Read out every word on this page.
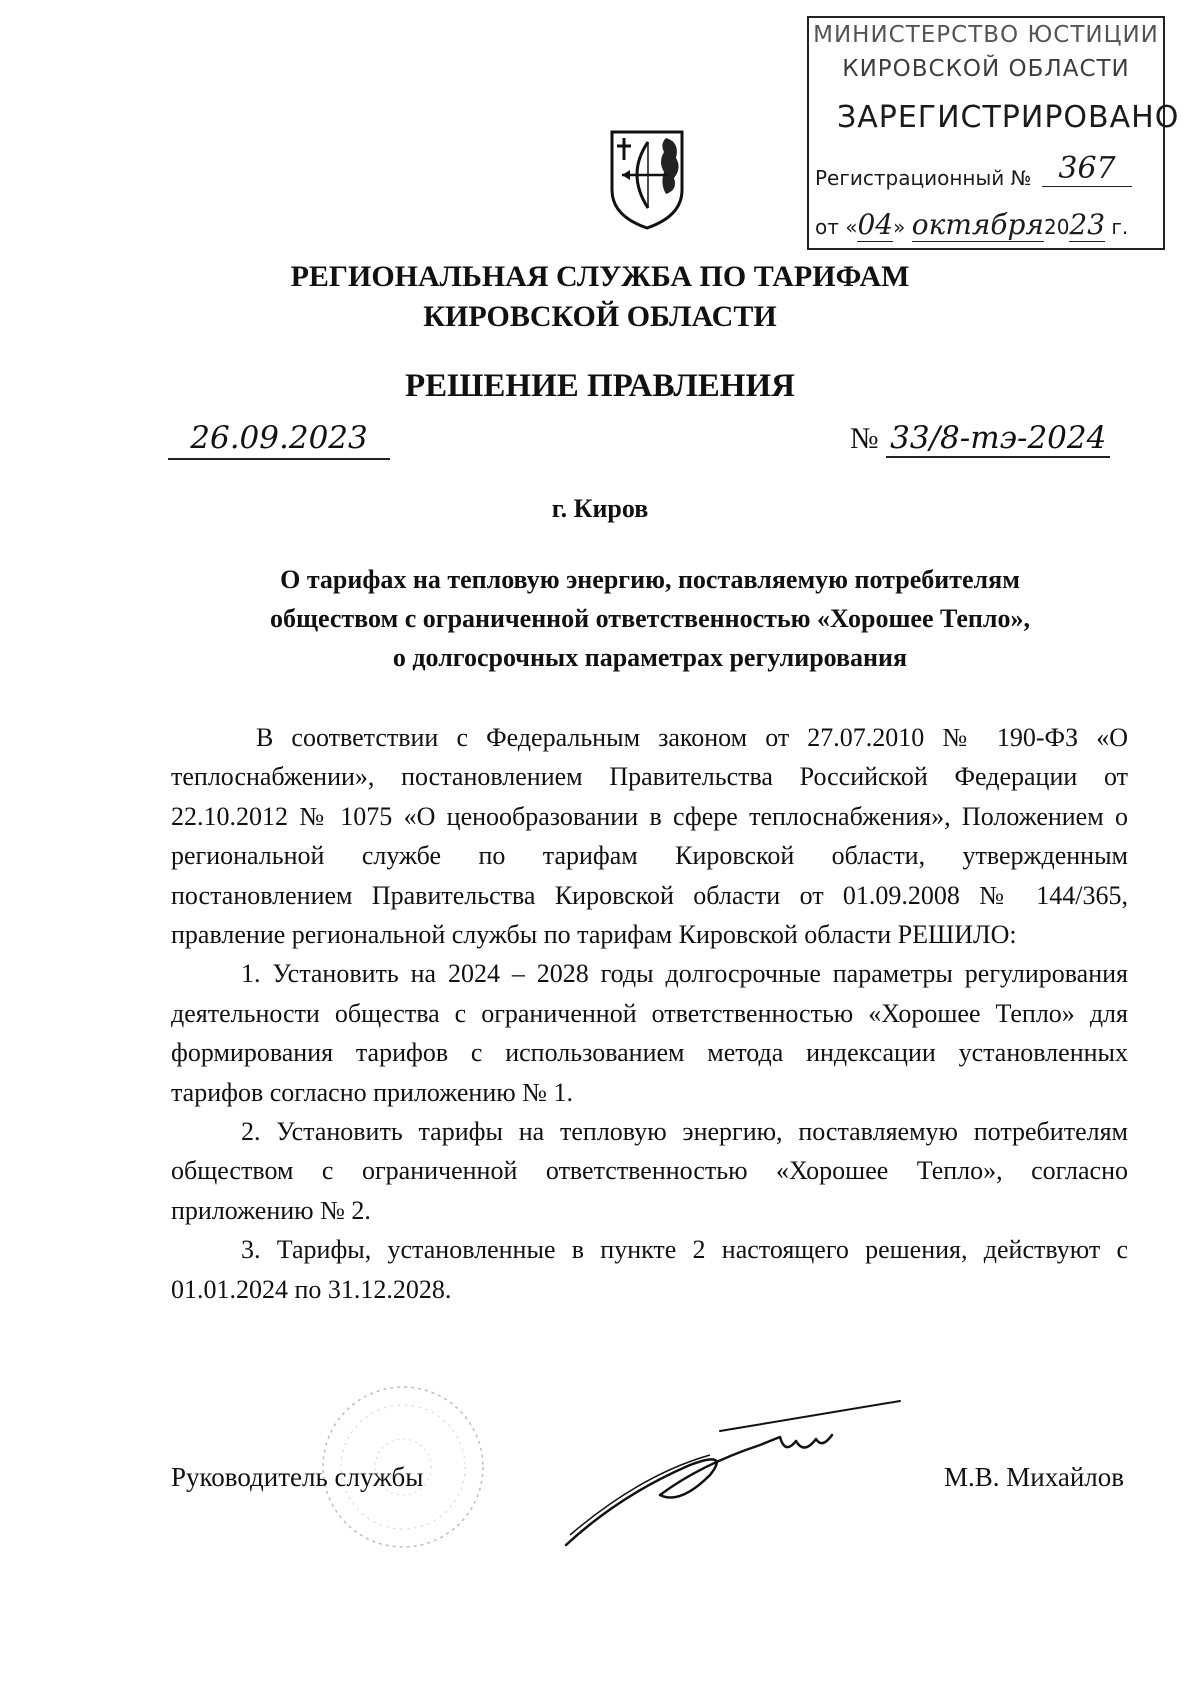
МИНИСТЕРСТВО ЮСТИЦИИ
КИРОВСКОЙ ОБЛАСТИ
ЗАРЕГИСТРИРОВАНО
Регистрационный № 367
от «04» октября2023 г.
РЕГИОНАЛЬНАЯ СЛУЖБА ПО ТАРИФАМ
КИРОВСКОЙ ОБЛАСТИ
РЕШЕНИЕ ПРАВЛЕНИЯ
26.09.2023	№ 33/8-тэ-2024
г. Киров
О тарифах на тепловую энергию, поставляемую потребителям
обществом с ограниченной ответственностью «Хорошее Тепло»,
о долгосрочных параметрах регулирования

В соответствии с Федеральным законом от 27.07.2010 № 190-ФЗ «О теплоснабжении», постановлением Правительства Российской Федерации от 22.10.2012 № 1075 «О ценообразовании в сфере теплоснабжения», Положением о региональной службе по тарифам Кировской области, утвержденным постановлением Правительства Кировской области от 01.09.2008 № 144/365, правление региональной службы по тарифам Кировской области РЕШИЛО:

1. Установить на 2024 – 2028 годы долгосрочные параметры регулирования деятельности общества с ограниченной ответственностью «Хорошее Тепло» для формирования тарифов с использованием метода индексации установленных тарифов согласно приложению № 1.

2. Установить тарифы на тепловую энергию, поставляемую потребителям обществом с ограниченной ответственностью «Хорошее Тепло», согласно приложению № 2.

3. Тарифы, установленные в пункте 2 настоящего решения, действуют с 01.01.2024 по 31.12.2028.

Руководитель службы	М.В. Михайлов
